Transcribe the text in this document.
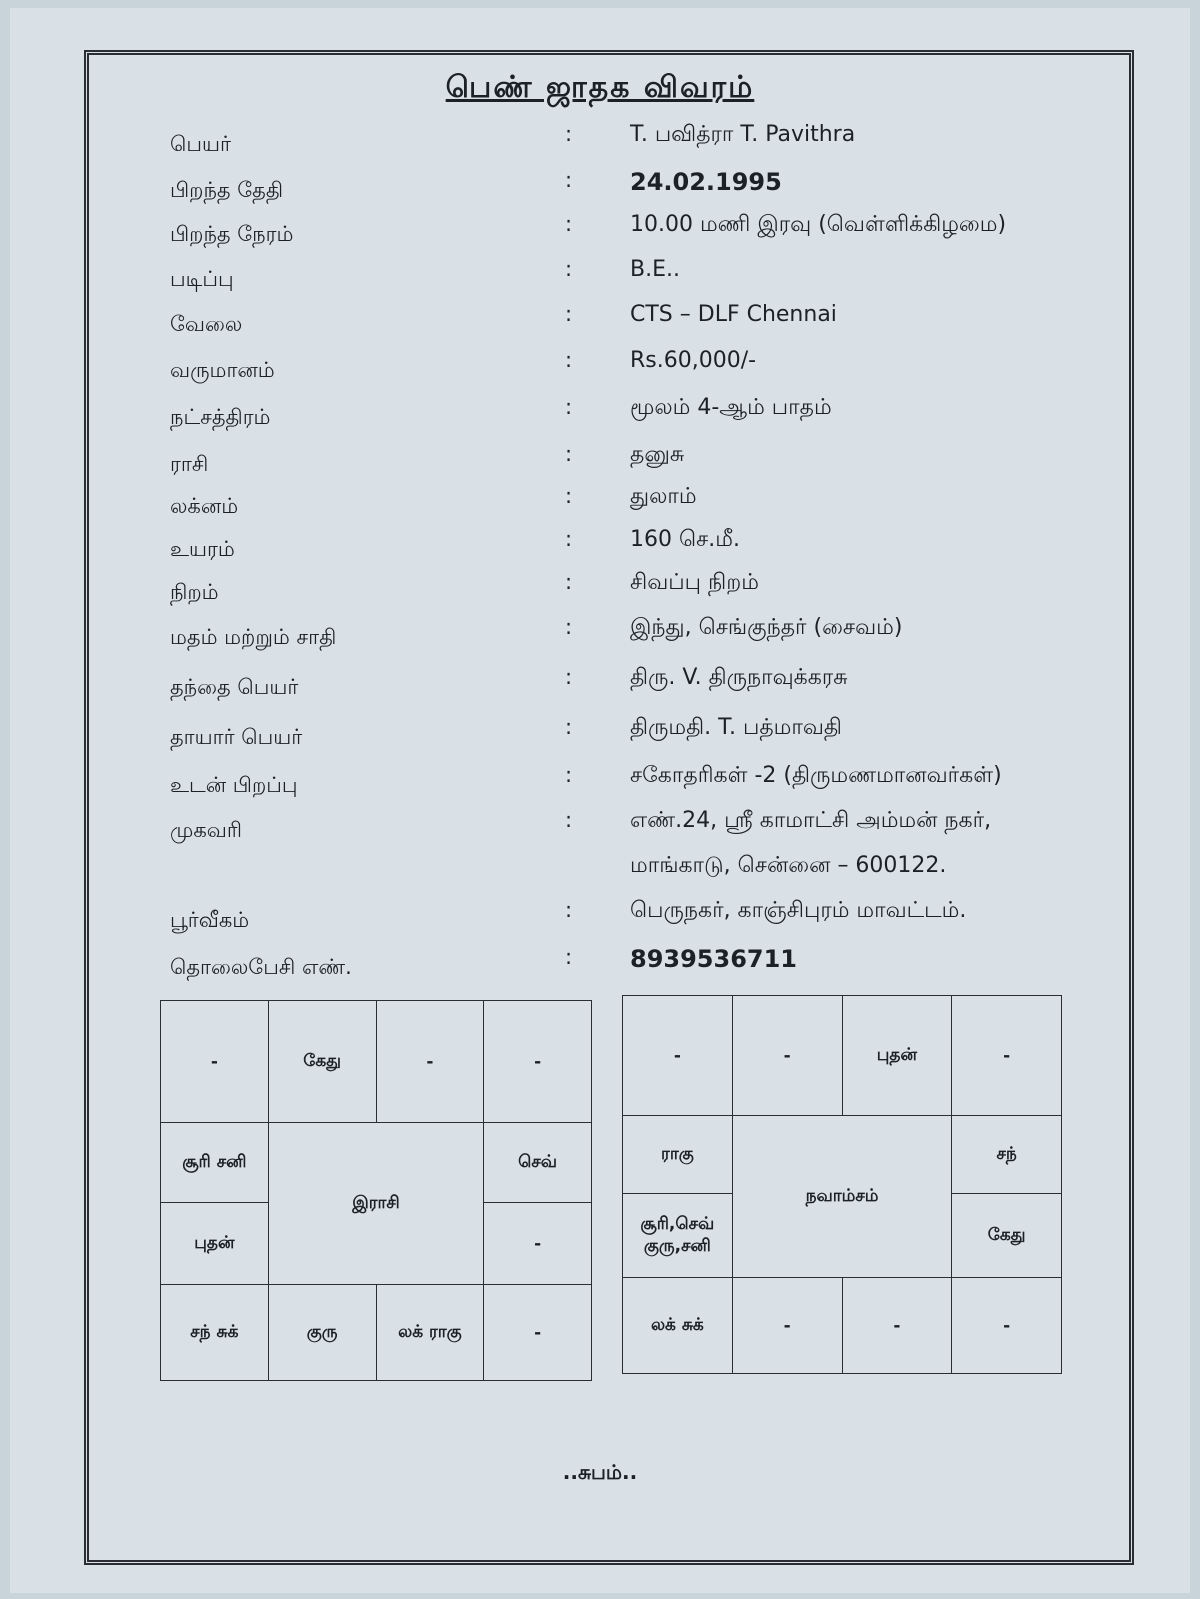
பெண் ஜாதக விவரம்
பெயர்	:	T. பவித்ரா T. Pavithra
பிறந்த தேதி	: 24.02.1995
பிறந்த நேரம்	:	10.00 மணி இரவு (வெள்ளிக்கிழமை)
படிப்பு	:	B.E..
வேலை	:	CTS – DLF Chennai
வருமானம்	:	Rs.60,000/-
நட்சத்திரம்	:	மூலம் 4-ஆம் பாதம்
ராசி	:	தனுசு
லக்னம்	:	துலாம்
உயரம்	:	160 செ.மீ.
நிறம்	:	சிவப்பு நிறம்
மதம் மற்றும் சாதி	:	இந்து, செங்குந்தர் (சைவம்)
தந்தை பெயர்	:	திரு. V. திருநாவுக்கரசு
தாயார் பெயர்	:	திருமதி. T. பத்மாவதி
உடன் பிறப்பு	:	சகோதரிகள் -2 (திருமணமானவர்கள்)
முகவரி	:	எண்.24, ஸ்ரீ காமாட்சி அம்மன் நகர்,
மாங்காடு, சென்னை – 600122.
பூர்வீகம்	:	பெருநகர், காஞ்சிபுரம் மாவட்டம்.
தொலைபேசி எண்.	: 8939536711
-	கேது	-	-
சூரி சனி	இராசி		செவ்
புதன்			-
சந் சுக்	குரு	லக் ராகு	-
-	-	புதன்	-
ராகு	நவாம்சம்		சந்
சூரி,செவ் குரு,சனி			கேது
லக் சுக்	-	-	-
..சுபம்..
